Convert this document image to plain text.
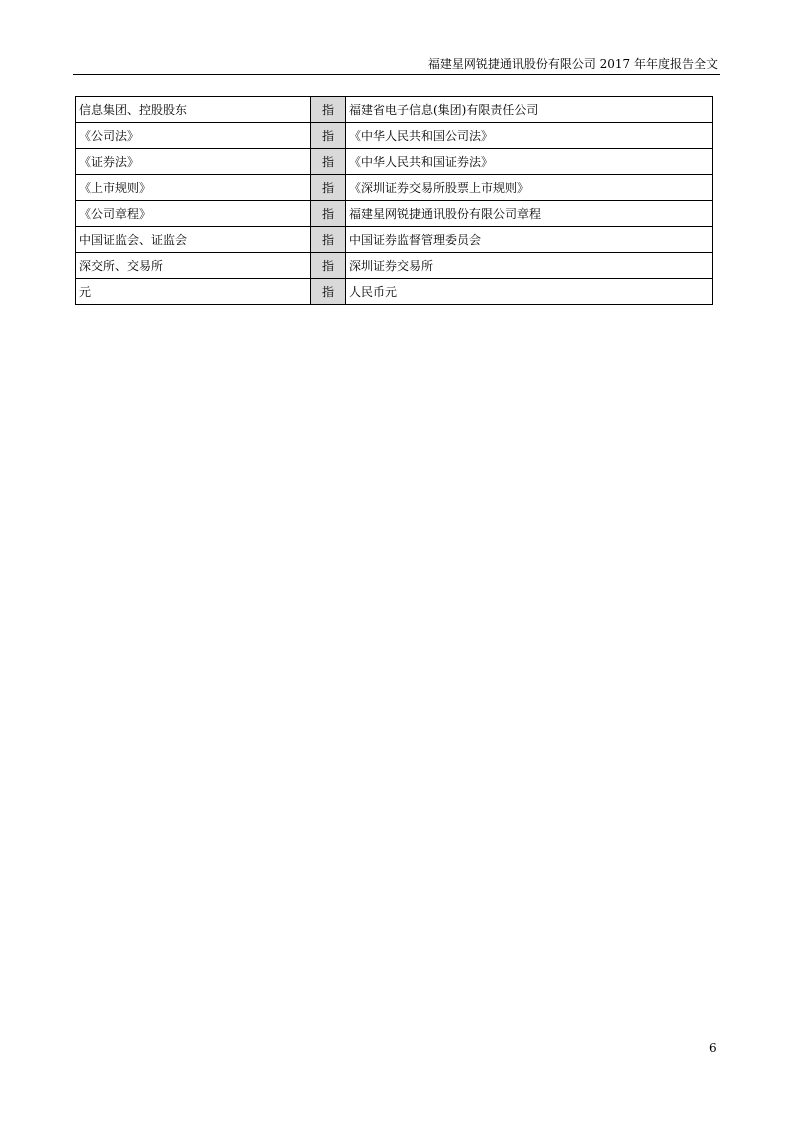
福建星网锐捷通讯股份有限公司 2017 年年度报告全文
信息集团、控股股东	指	福建省电子信息(集团)有限责任公司
《公司法》	指	《中华人民共和国公司法》
《证券法》	指	《中华人民共和国证券法》
《上市规则》	指	《深圳证券交易所股票上市规则》
《公司章程》	指	福建星网锐捷通讯股份有限公司章程
中国证监会、证监会	指	中国证券监督管理委员会
深交所、交易所	指	深圳证券交易所
元	指	人民币元
6
